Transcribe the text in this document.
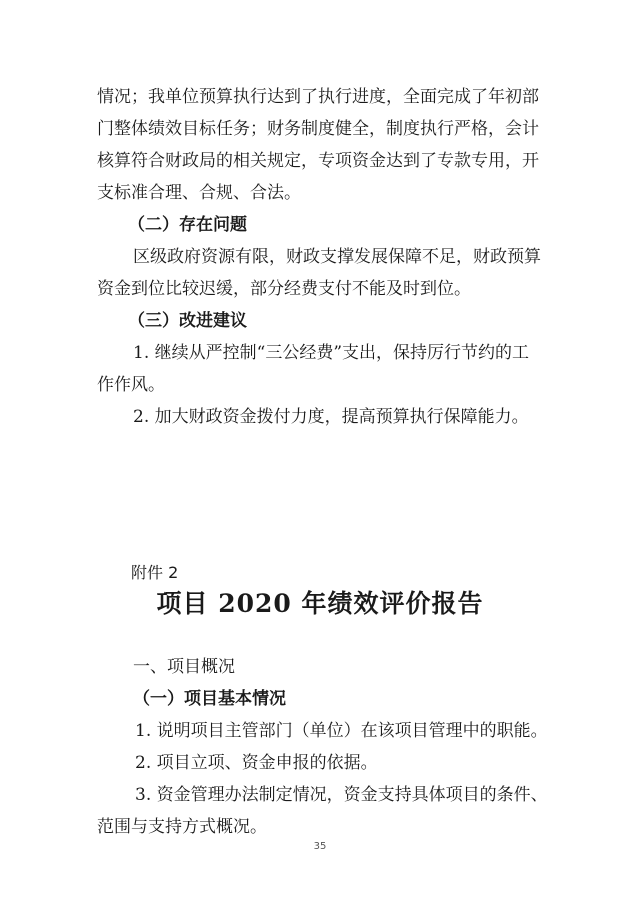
情况；我单位预算执行达到了执行进度，全面完成了年初部
门整体绩效目标任务；财务制度健全，制度执行严格，会计
核算符合财政局的相关规定，专项资金达到了专款专用，开
支标准合理、合规、合法。
（二）存在问题
区级政府资源有限，财政支撑发展保障不足，财政预算
资金到位比较迟缓，部分经费支付不能及时到位。
（三）改进建议
1. 继续从严控制“三公经费”支出，保持厉行节约的工
作作风。
2. 加大财政资金拨付力度，提高预算执行保障能力。
附件 2
项目 2020 年绩效评价报告
一、项目概况
（一）项目基本情况
1. 说明项目主管部门（单位）在该项目管理中的职能。
2. 项目立项、资金申报的依据。
3. 资金管理办法制定情况，资金支持具体项目的条件、
范围与支持方式概况。
35
